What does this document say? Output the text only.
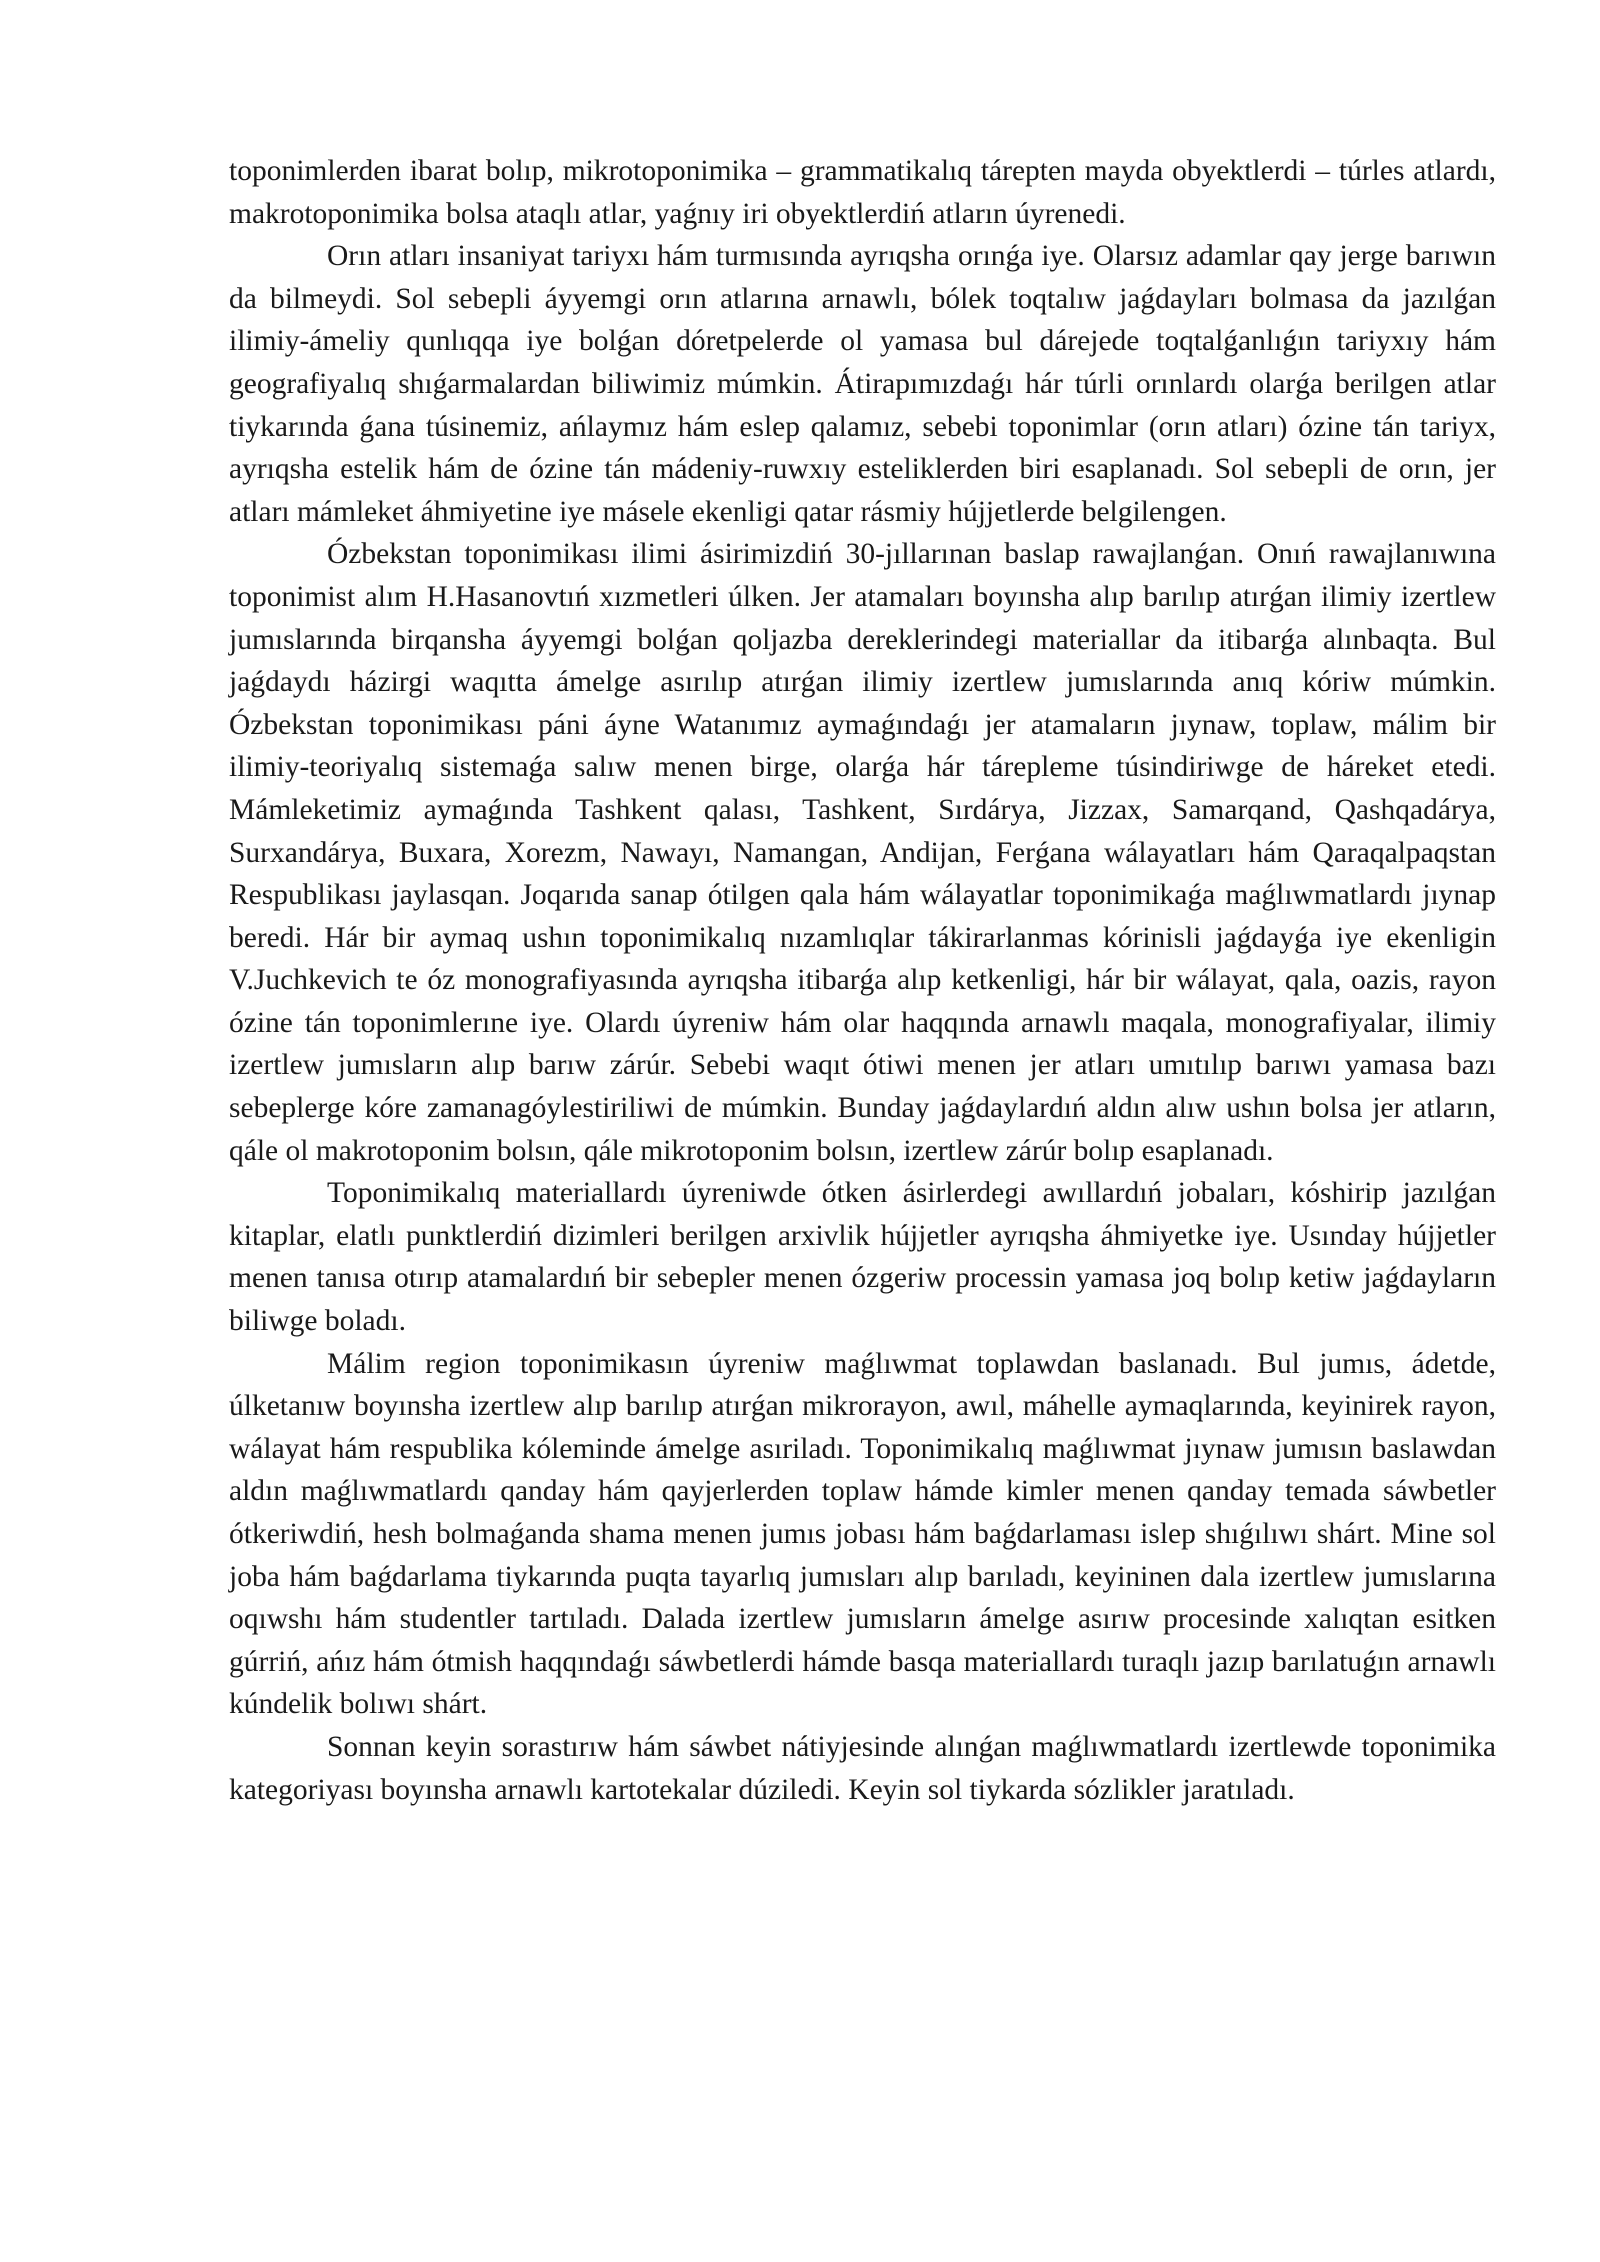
toponimlerden ibarat bolıp, mikrotoponimika – grammatikalıq tárepten mayda obyektlerdi – túrles atlardı, makrotoponimika bolsa ataqlı atlar, yaǵnıy iri obyektlerdiń atların úyrenedi.

Orın atları insaniyat tariyxı hám turmısında ayrıqsha orınǵa iye. Olarsız adamlar qay jerge barıwın da bilmeydi. Sol sebepli áyyemgi orın atlarına arnawlı, bólek toqtalıw jaǵdayları bolmasa da jazılǵan ilimiy-ámeliy qunlıqqa iye bolǵan dóretpelerde ol yamasa bul dárejede toqtalǵanlıǵın tariyxıy hám geografiyalıq shıǵarmalardan biliwimiz múmkin. Átirapımızdaǵı hár túrli orınlardı olarǵa berilgen atlar tiykarında ǵana túsinemiz, ańlaymız hám eslep qalamız, sebebi toponimlar (orın atları) ózine tán tariyx, ayrıqsha estelik hám de ózine tán mádeniy-ruwxıy esteliklerden biri esaplanadı. Sol sebepli de orın, jer atları mámleket áhmiyetine iye másele ekenligi qatar rásmiy hújjetlerde belgilengen.

Ózbekstan toponimikası ilimi ásirimizdiń 30-jıllarınan baslap rawajlanǵan. Onıń rawajlanıwına toponimist alım H.Hasanovtıń xızmetleri úlken. Jer atamaları boyınsha alıp barılıp atırǵan ilimiy izertlew jumıslarında birqansha áyyemgi bolǵan qoljazba dereklerindegi materiallar da itibarǵa alınbaqta. Bul jaǵdaydı házirgi waqıtta ámelge asırılıp atırǵan ilimiy izertlew jumıslarında anıq kóriw múmkin. Ózbekstan toponimikası páni áyne Watanımız aymaǵındaǵı jer atamaların jıynaw, toplaw, málim bir ilimiy-teoriyalıq sistemaǵa salıw menen birge, olarǵa hár tárepleme túsindiriwge de háreket etedi. Mámleketimiz aymaǵında Tashkent qalası, Tashkent, Sırdárya, Jizzax, Samarqand, Qashqadárya, Surxandárya, Buxara, Xorezm, Nawayı, Namangan, Andijan, Ferǵana wálayatları hám Qaraqalpaqstan Respublikası jaylasqan. Joqarıda sanap ótilgen qala hám wálayatlar toponimikaǵa maǵlıwmatlardı jıynap beredi. Hár bir aymaq ushın toponimikalıq nızamlıqlar tákirarlanmas kórinisli jaǵdayǵa iye ekenligin V.Juchkevich te óz monografiyasında ayrıqsha itibarǵa alıp ketkenligi, hár bir wálayat, qala, oazis, rayon ózine tán toponimlerıne iye. Olardı úyreniw hám olar haqqında arnawlı maqala, monografiyalar, ilimiy izertlew jumısların alıp barıw zárúr. Sebebi waqıt ótiwi menen jer atları umıtılıp barıwı yamasa bazı sebeplerge kóre zamanagóylestiriliwi de múmkin. Bunday jaǵdaylardıń aldın alıw ushın bolsa jer atların, qále ol makrotoponim bolsın, qále mikrotoponim bolsın, izertlew zárúr bolıp esaplanadı.

Toponimikalıq materiallardı úyreniwde ótken ásirlerdegi awıllardıń jobaları, kóshirip jazılǵan kitaplar, elatlı punktlerdiń dizimleri berilgen arxivlik hújjetler ayrıqsha áhmiyetke iye. Usınday hújjetler menen tanısa otırıp atamalardıń bir sebepler menen ózgeriw processin yamasa joq bolıp ketiw jaǵdayların biliwge boladı.

Málim region toponimikasın úyreniw maǵlıwmat toplawdan baslanadı. Bul jumıs, ádetde, úlketanıw boyınsha izertlew alıp barılıp atırǵan mikrorayon, awıl, máhelle aymaqlarında, keyinirek rayon, wálayat hám respublika kóleminde ámelge asıriladı. Toponimikalıq maǵlıwmat jıynaw jumısın baslawdan aldın maǵlıwmatlardı qanday hám qayjerlerden toplaw hámde kimler menen qanday temada sáwbetler ótkeriwdiń, hesh bolmaǵanda shama menen jumıs jobası hám baǵdarlaması islep shıǵılıwı shárt. Mine sol joba hám baǵdarlama tiykarında puqta tayarlıq jumısları alıp barıladı, keyininen dala izertlew jumıslarına oqıwshı hám studentler tartıladı. Dalada izertlew jumısların ámelge asırıw procesinde xalıqtan esitken gúrriń, ańız hám ótmish haqqındaǵı sáwbetlerdi hámde basqa materiallardı turaqlı jazıp barılatuǵın arnawlı kúndelik bolıwı shárt.

Sonnan keyin sorastırıw hám sáwbet nátiyjesinde alınǵan maǵlıwmatlardı izertlewde toponimika kategoriyası boyınsha arnawlı kartotekalar dúziledi. Keyin sol tiykarda sózlikler jaratıladı.
